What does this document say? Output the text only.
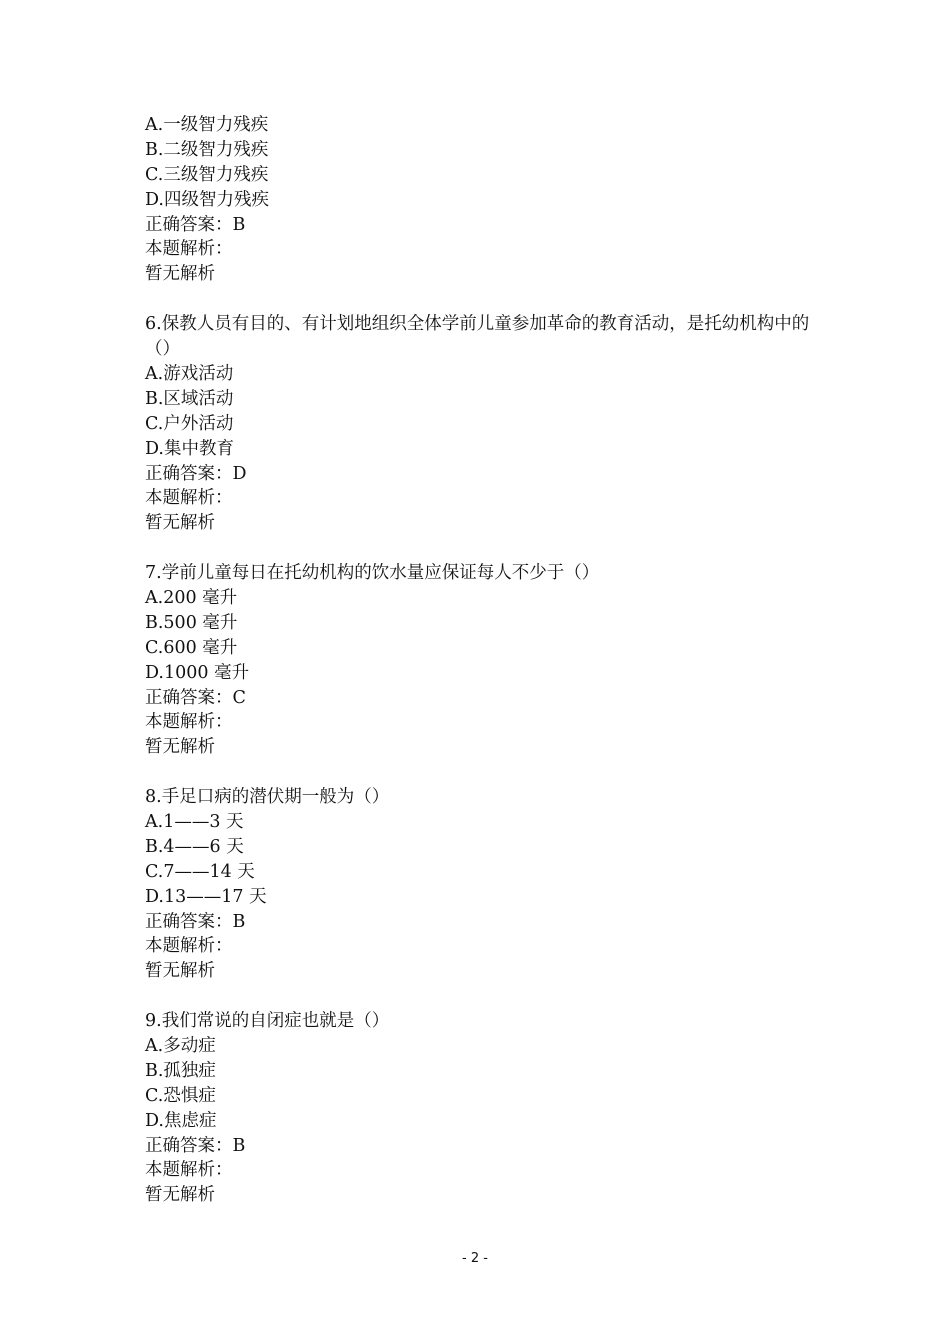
A.一级智力残疾
B.二级智力残疾
C.三级智力残疾
D.四级智力残疾
正确答案：B
本题解析：
暂无解析
6.保教人员有目的、有计划地组织全体学前儿童参加革命的教育活动，是托幼机构中的（）
A.游戏活动
B.区域活动
C.户外活动
D.集中教育
正确答案：D
本题解析：
暂无解析
7.学前儿童每日在托幼机构的饮水量应保证每人不少于（）
A.200 毫升
B.500 毫升
C.600 毫升
D.1000 毫升
正确答案：C
本题解析：
暂无解析
8.手足口病的潜伏期一般为（）
A.1——3 天
B.4——6 天
C.7——14 天
D.13——17 天
正确答案：B
本题解析：
暂无解析
9.我们常说的自闭症也就是（）
A.多动症
B.孤独症
C.恐惧症
D.焦虑症
正确答案：B
本题解析：
暂无解析
- 2 -
